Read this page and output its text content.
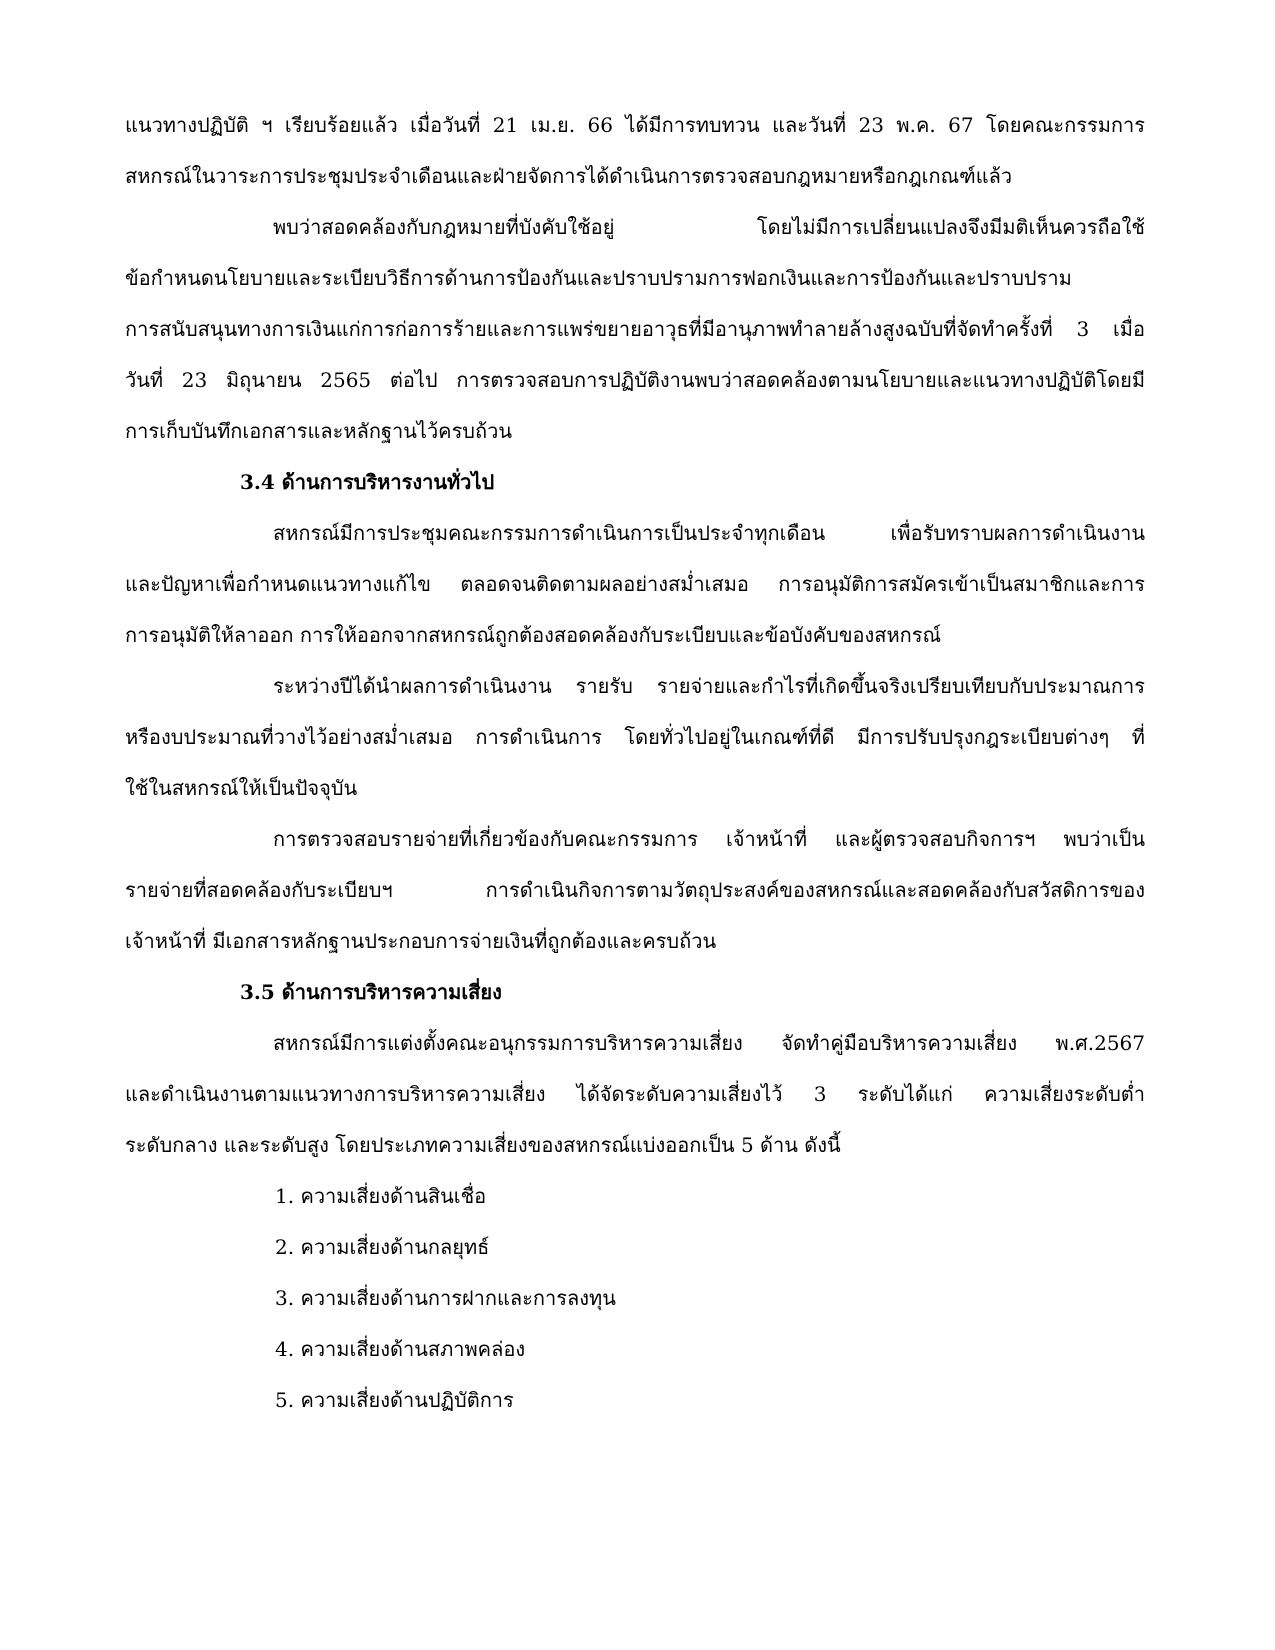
แนวทางปฏิบัติ ฯ เรียบร้อยแล้ว เมื่อวันที่ 21 เม.ย. 66 ได้มีการทบทวน และวันที่ 23 พ.ค. 67 โดยคณะกรรมการ
สหกรณ์ในวาระการประชุมประจำเดือนและฝ่ายจัดการได้ดำเนินการตรวจสอบกฎหมายหรือกฎเกณฑ์แล้ว
พบว่าสอดคล้องกับกฎหมายที่บังคับใช้อยู่ โดยไม่มีการเปลี่ยนแปลงจึงมีมติเห็นควรถือใช้
ข้อกำหนดนโยบายและระเบียบวิธีการด้านการป้องกันและปราบปรามการฟอกเงินและการป้องกันและปราบปราม
การสนับสนุนทางการเงินแก่การก่อการร้ายและการแพร่ขยายอาวุธที่มีอานุภาพทำลายล้างสูงฉบับที่จัดทำครั้งที่ 3 เมื่อ
วันที่ 23 มิถุนายน 2565 ต่อไป การตรวจสอบการปฏิบัติงานพบว่าสอดคล้องตามนโยบายและแนวทางปฏิบัติโดยมี
การเก็บบันทึกเอกสารและหลักฐานไว้ครบถ้วน
3.4 ด้านการบริหารงานทั่วไป
สหกรณ์มีการประชุมคณะกรรมการดำเนินการเป็นประจำทุกเดือน เพื่อรับทราบผลการดำเนินงาน
และปัญหาเพื่อกำหนดแนวทางแก้ไข ตลอดจนติดตามผลอย่างสม่ำเสมอ การอนุมัติการสมัครเข้าเป็นสมาชิกและการ
การอนุมัติให้ลาออก การให้ออกจากสหกรณ์ถูกต้องสอดคล้องกับระเบียบและข้อบังคับของสหกรณ์
ระหว่างปีได้นำผลการดำเนินงาน รายรับ รายจ่ายและกำไรที่เกิดขึ้นจริงเปรียบเทียบกับประมาณการ
หรืองบประมาณที่วางไว้อย่างสม่ำเสมอ การดำเนินการ โดยทั่วไปอยู่ในเกณฑ์ที่ดี มีการปรับปรุงกฎระเบียบต่างๆ ที่
ใช้ในสหกรณ์ให้เป็นปัจจุบัน
การตรวจสอบรายจ่ายที่เกี่ยวข้องกับคณะกรรมการ เจ้าหน้าที่ และผู้ตรวจสอบกิจการฯ พบว่าเป็น
รายจ่ายที่สอดคล้องกับระเบียบฯ การดำเนินกิจการตามวัตถุประสงค์ของสหกรณ์และสอดคล้องกับสวัสดิการของ
เจ้าหน้าที่ มีเอกสารหลักฐานประกอบการจ่ายเงินที่ถูกต้องและครบถ้วน
3.5 ด้านการบริหารความเสี่ยง
สหกรณ์มีการแต่งตั้งคณะอนุกรรมการบริหารความเสี่ยง จัดทำคู่มือบริหารความเสี่ยง พ.ศ.2567
และดำเนินงานตามแนวทางการบริหารความเสี่ยง ได้จัดระดับความเสี่ยงไว้ 3 ระดับได้แก่ ความเสี่ยงระดับต่ำ
ระดับกลาง และระดับสูง โดยประเภทความเสี่ยงของสหกรณ์แบ่งออกเป็น 5 ด้าน ดังนี้
1. ความเสี่ยงด้านสินเชื่อ
2. ความเสี่ยงด้านกลยุทธ์
3. ความเสี่ยงด้านการฝากและการลงทุน
4. ความเสี่ยงด้านสภาพคล่อง
5. ความเสี่ยงด้านปฏิบัติการ
